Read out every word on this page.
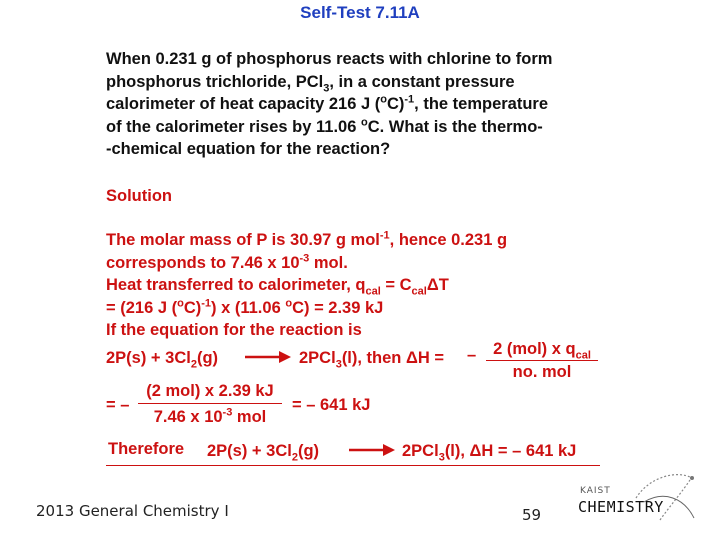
Self-Test 7.11A
When 0.231 g of phosphorus reacts with chlorine to form
phosphorus trichloride, PCl$_3$, in a constant pressure
calorimeter of heat capacity 216 J $(^oC)^{-1}$, the temperature
of the calorimeter rises by 11.06 $^o$C. What is the thermo-
-chemical equation for the reaction?
Solution
The molar mass of P is 30.97 g mol$^{-1}$, hence 0.231 g
corresponds to 7.46 x $10^{-3}$ mol.
Heat transferred to calorimeter, $q_{cal} = C_{cal}\Delta T$
= (216 J $(^oC)^{-1}$) x (11.06 $^o$C) = 2.39 kJ
If the equation for the reaction is
$2P(s) + 3Cl_2(g) \to 2PCl_3(l)$, then ΔH = –	2 (mol) x $q_{cal}$
no. mol
= –
(2 mol) x 2.39 kJ
7.46 x $10^{-3}$ mol
= – 641 kJ
Therefore $2P(s) + 3Cl_2(g) \to 2PCl_3(l)$, ΔH = – 641 kJ
2013 General Chemistry I	59
KAIST
CHEMISTRY
